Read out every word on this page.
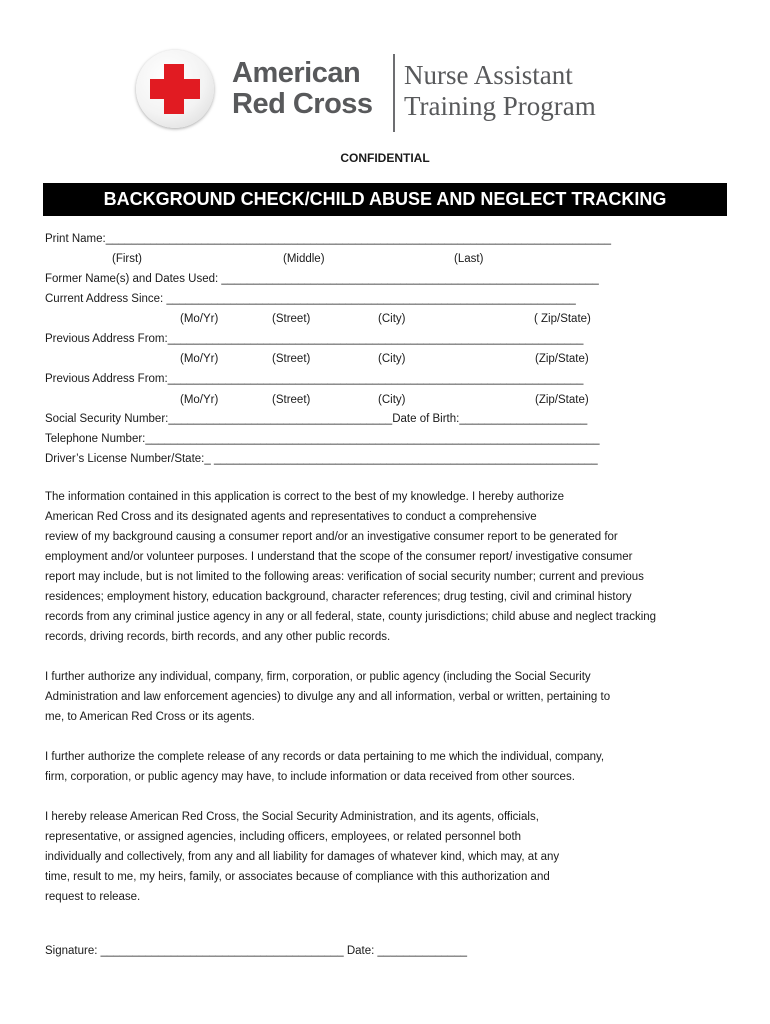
American
Red Cross
Nurse Assistant
Training Program
CONFIDENTIAL
BACKGROUND CHECK/CHILD ABUSE AND NEGLECT TRACKING
Print Name:_______________________________________________________________________________
(First)	(Middle)	(Last)
Former Name(s) and Dates Used: ___________________________________________________________
Current Address Since: ________________________________________________________________
(Mo/Yr)	(Street)	(City)	( Zip/State)
Previous Address From:_________________________________________________________________
(Mo/Yr)	(Street)	(City)	(Zip/State)
Previous Address From:_________________________________________________________________
(Mo/Yr)	(Street)	(City)	(Zip/State)
Social Security Number:___________________________________Date of Birth:____________________
Telephone Number:_______________________________________________________________________
Driver’s License Number/State:_ ____________________________________________________________
The information contained in this application is correct to the best of my knowledge. I hereby authorize
American Red Cross and its designated agents and representatives to conduct a comprehensive
review of my background causing a consumer report and/or an investigative consumer report to be generated for
employment and/or volunteer purposes. I understand that the scope of the consumer report/ investigative consumer
report may include, but is not limited to the following areas: verification of social security number; current and previous
residences; employment history, education background, character references; drug testing, civil and criminal history
records from any criminal justice agency in any or all federal, state, county jurisdictions; child abuse and neglect tracking
records, driving records, birth records, and any other public records.
I further authorize any individual, company, firm, corporation, or public agency (including the Social Security
Administration and law enforcement agencies) to divulge any and all information, verbal or written, pertaining to
me, to American Red Cross or its agents.
I further authorize the complete release of any records or data pertaining to me which the individual, company,
firm, corporation, or public agency may have, to include information or data received from other sources.
I hereby release American Red Cross, the Social Security Administration, and its agents, officials,
representative, or assigned agencies, including officers, employees, or related personnel both
individually and collectively, from any and all liability for damages of whatever kind, which may, at any
time, result to me, my heirs, family, or associates because of compliance with this authorization and
request to release.
Signature: ______________________________________ Date: ______________
